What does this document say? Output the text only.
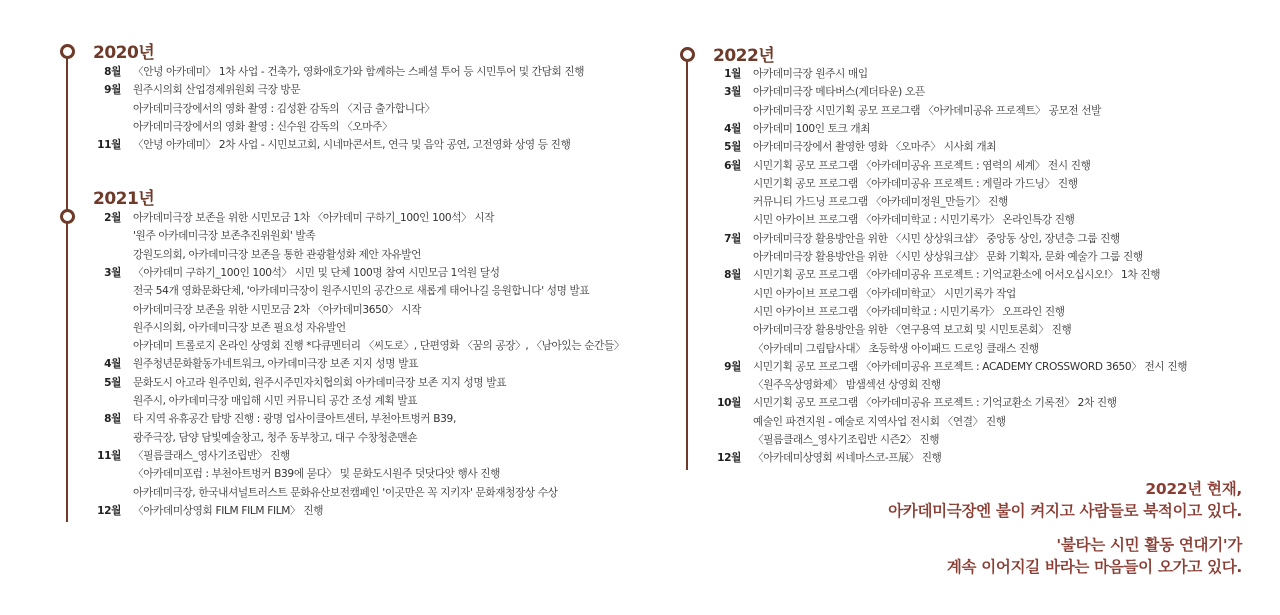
2020년
8월 〈안녕 아카데미〉 1차 사업 - 건축가, 영화애호가와 함께하는 스페셜 투어 등 시민투어 및 간담회 진행
9월 원주시의회 산업경제위원회 극장 방문
아카데미극장에서의 영화 촬영 : 김성환 감독의 〈지금 출가합니다〉
아카데미극장에서의 영화 촬영 : 신수원 감독의 〈오마주〉
11월 〈안녕 아카데미〉 2차 사업 - 시민보고회, 시네마콘서트, 연극 및 음악 공연, 고전영화 상영 등 진행
2021년
2월 아카데미극장 보존을 위한 시민모금 1차 〈아카데미 구하기_100인 100석〉 시작
'원주 아카데미극장 보존추진위원회' 발족
강원도의회, 아카데미극장 보존을 통한 관광활성화 제안 자유발언
3월 〈아카데미 구하기_100인 100석〉 시민 및 단체 100명 참여 시민모금 1억원 달성
전국 54개 영화문화단체, '아카데미극장이 원주시민의 공간으로 새롭게 태어나길 응원합니다' 성명 발표
아카데미극장 보존을 위한 시민모금 2차 〈아카데미3650〉 시작
원주시의회, 아카데미극장 보존 필요성 자유발언
아카데미 트롤로지 온라인 상영회 진행 *다큐멘터리 〈씨도로〉, 단편영화 〈꿈의 공장〉, 〈남아있는 순간들〉
4월 원주청년문화활동가네트워크, 아카데미극장 보존 지지 성명 발표
5월 문화도시 아고라 원주민회, 원주시주민자치협의회 아카데미극장 보존 지지 성명 발표
원주시, 아카데미극장 매입해 시민 커뮤니티 공간 조성 계획 발표
8월 타 지역 유휴공간 탐방 진행 : 광명 업사이클아트센터, 부천아트벙커 B39,
광주극장, 담양 담빛예술창고, 청주 동부창고, 대구 수창청춘맨숀
11월 〈필름클래스_영사기조립반〉 진행
〈아카데미포럼 : 부천아트벙커 B39에 묻다〉 및 문화도시원주 덧닷다앗 행사 진행
아카데미극장, 한국내셔널트러스트 문화유산보전캠페인 '이곳만은 꼭 지키자' 문화재청장상 수상
12월 〈아카데미상영회 FILM FILM FILM〉 진행
2022년
1월 아카데미극장 원주시 매입
3월 아카데미극장 메타버스(게더타운) 오픈
아카데미극장 시민기획 공모 프로그램 〈아카데미공유 프로젝트〉 공모전 선발
4월 아카데미 100인 토크 개최
5월 아카데미극장에서 촬영한 영화 〈오마주〉 시사회 개최
6월 시민기획 공모 프로그램 〈아카데미공유 프로젝트 : 염력의 세계〉 전시 진행
시민기획 공모 프로그램 〈아카데미공유 프로젝트 : 게릴라 가드닝〉 진행
커뮤니티 가드닝 프로그램 〈아카데미정원_만들기〉 진행
시민 아카이브 프로그램 〈아카데미학교 : 시민기록가〉 온라인특강 진행
7월 아카데미극장 활용방안을 위한 〈시민 상상워크샵〉 중앙동 상인, 장년층 그룹 진행
아카데미극장 활용방안을 위한 〈시민 상상워크샵〉 문화 기획자, 문화 예술가 그룹 진행
8월 시민기획 공모 프로그램 〈아카데미공유 프로젝트 : 기억교환소에 어서오십시오!〉 1차 진행
시민 아카이브 프로그램 〈아카데미학교〉 시민기록가 작업
시민 아카이브 프로그램 〈아카데미학교 : 시민기록가〉 오프라인 진행
아카데미극장 활용방안을 위한 〈연구용역 보고회 및 시민토론회〉 진행
〈아카데미 그림탐사대〉 초등학생 아이패드 드로잉 클래스 진행
9월 시민기획 공모 프로그램 〈아카데미공유 프로젝트 : ACADEMY CROSSWORD 3650〉 전시 진행
〈원주옥상영화제〉 밤샘섹션 상영회 진행
10월 시민기획 공모 프로그램 〈아카데미공유 프로젝트 : 기억교환소 기록전〉 2차 진행
예술인 파견지원 - 예술로 지역사업 전시회 〈연결〉 진행
〈필름클래스_영사기조립반 시즌2〉 진행
12월 〈아카데미상영회 씨네마스코-프展〉 진행
2022년 현재,
아카데미극장엔 불이 켜지고 사람들로 북적이고 있다.
'불타는 시민 활동 연대기'가
계속 이어지길 바라는 마음들이 오가고 있다.
